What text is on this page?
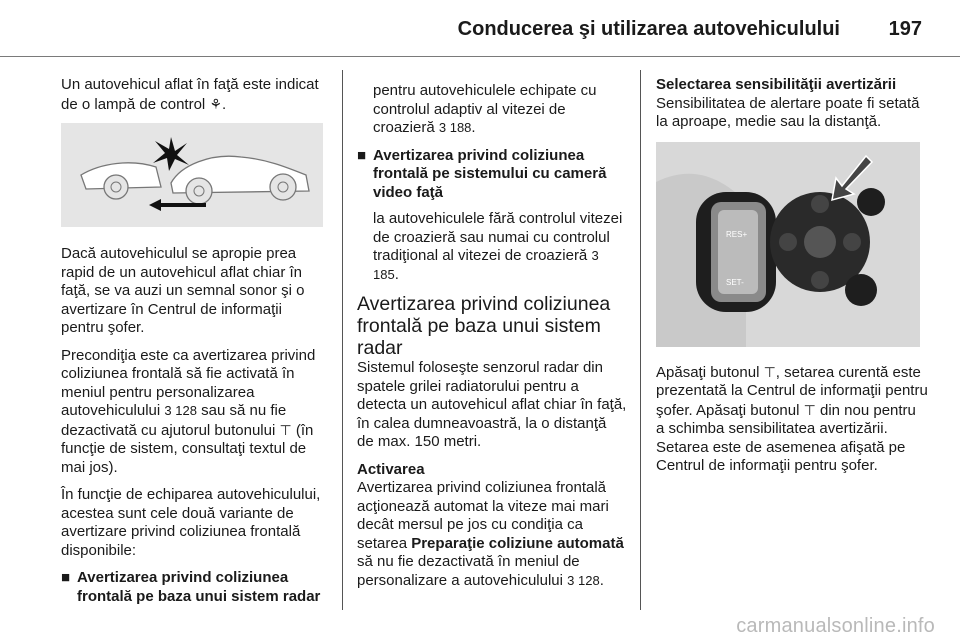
Conducerea şi utilizarea autovehiculului 197

Un autovehicul aflat în faţă este indicat de o lampă de control ⚘.

Dacă autovehiculul se apropie prea rapid de un autovehicul aflat chiar în faţă, se va auzi un semnal sonor şi o avertizare în Centrul de informaţii pentru şofer.

Precondiţia este ca avertizarea privind coliziunea frontală să fie activată în meniul pentru personalizarea autovehiculului 3 128 sau să nu fie dezactivată cu ajutorul butonului ⊤ (în funcţie de sistem, consultaţi textul de mai jos).

În funcţie de echiparea autovehiculului, acestea sunt cele două variante de avertizare privind coliziunea frontală disponibile:

■ Avertizarea privind coliziunea frontală pe baza unui sistem radar

pentru autovehiculele echipate cu controlul adaptiv al vitezei de croazieră 3 188.

■ Avertizarea privind coliziunea frontală pe sistemului cu cameră video faţă

la autovehiculele fără controlul vitezei de croazieră sau numai cu controlul tradiţional al vitezei de croazieră 3 185.

Avertizarea privind coliziunea frontală pe baza unui sistem radar

Sistemul foloseşte senzorul radar din spatele grilei radiatorului pentru a detecta un autovehicul aflat chiar în faţă, în calea dumneavoastră, la o distanţă de max. 150 metri.

Activarea

Avertizarea privind coliziunea frontală acţionează automat la viteze mai mari decât mersul pe jos cu condiţia ca setarea Preparaţie coliziune automată să nu fie dezactivată în meniul de personalizare a autovehiculului 3 128.

Selectarea sensibilităţii avertizării

Sensibilitatea de alertare poate fi setată la aproape, medie sau la distanţă.

RES+
SET-

Apăsaţi butonul ⊤, setarea curentă este prezentată la Centrul de informaţii pentru şofer. Apăsaţi butonul ⊤ din nou pentru a schimba sensibilitatea avertizării. Setarea este de asemenea afişată pe Centrul de informaţii pentru şofer.

carmanualsonline.info
